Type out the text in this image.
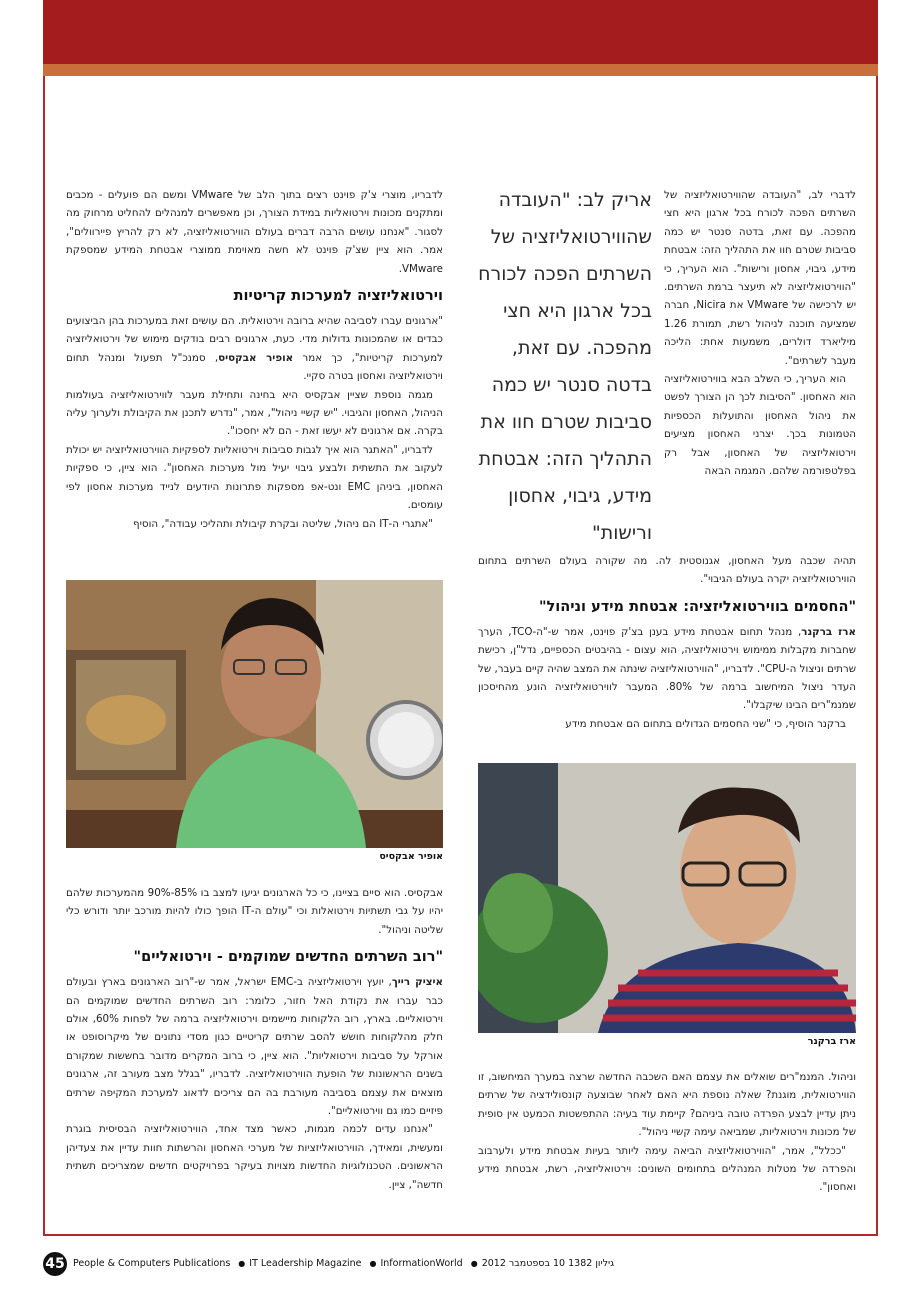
לדברי לב, "העובדה שהווירטואליזציה של השרתים הפכה לכורח בכל ארגון היא חצי מהפכה. עם זאת, בדטה סנטר יש כמה סביבות שטרם חוו את התהליך הזה: אבטחת מידע, גיבוי, אחסון ורישות". הוא העריך, כי "הווירטואליזציה לא תיעצר ברמת השרתים. יש לרכישה של VMware את Nicira, חברה שמציעה תוכנה לניהול רשת, תמורת 1.26 מיליארד דולרים, משמעות אחת: הליכה מעבר לשרתים".

הוא העריך, כי השלב הבא בווירטואליזציה הוא האחסון. "הסיבות לכך הן הצורך לפשט את ניהול האחסון והתועלות הכספיות הטמונות בכך. יצרני האחסון מציעים וירטואליזציה של האחסון, אבל רק בפלטפורמה שלהם. המגמה הבאה

אריק לב: "העובדה שהווירטואליזציה של השרתים הפכה לכורח בכל ארגון היא חצי מהפכה. עם זאת, בדטה סנטר יש כמה סביבות שטרם חוו את התהליך הזה: אבטחת מידע, גיבוי, אחסון ורישות"

תהיה שכבה מעל האחסון, אגנוסטית לה. מה שקורה בעולם השרתים בתחום הווירטואליזציה יקרה בעולם הגיבוי".

"החסמים בווירטואליזציה: אבטחת מידע וניהול"

ארז ברקנר, מנהל תחום אבטחת מידע בענן בצ'ק פוינט, אמר ש-"ה-TCO, הערך שחברות מקבלות ממימוש וירטואליזציה, הוא עצום - בהיבטים הכספיים, נדל"ן, רכישת שרתים וניצול ה-CPU". לדבריו, "הווירטואליזציה שינתה את המצב שהיה קיים בעבר, של העדר ניצול המיחשוב ברמה של 80%. המעבר לווירטואליזציה הונע מהחיסכון שמנמ"רים הבינו שיקבלו".

ברקנר הוסיף, כי "שני החסמים הגדולים בתחום הם אבטחת מידע

ארז ברקנר

וניהול. המנמ"רים שואלים את עצמם האם השכבה החדשה שרצה במערך המיחשוב, זו הווירטואלית, מוגנת? שאלה נוספת היא האם לאחר שבוצעה קונסולידציה של שרתים ניתן עדיין לבצע הפרדה טובה ביניהם? קיימת עוד בעיה: ההתפשטות הכמעט אין סופית של מכונות וירטואליות, שמביאה עימה קשיי ניהול".

"ככלל", אמר, "הווירטואליזציה הביאה עימה ליותר בעיות אבטחת מידע ולערבוב והפרדה של מטלות המנהלים בתחומים השונים: וירטואליזציה, רשת, אבטחת מידע ואחסון".

לדבריו, מוצרי צ'ק פוינט רצים בתוך הלב של VMware ומשם הם פועלים - מכבים ומתקנים מכונות וירטואליות במידת הצורך, וכן מאפשרים למנהלים להחליט מרחוק מה לסגור. "אנחנו עושים הרבה דברים בעולם הווירטואליזציה, לא רק להריץ פיירוולים", אמר. הוא ציין שצ'ק פוינט לא חשה מאוימת ממוצרי אבטחת המידע שמספקת VMware.

וירטואליזציה למערכות קריטיות

"ארגונים עברו לסביבה שהיא ברובה וירטואלית. הם עושים זאת במערכות בהן הביצועים כבדים או שהמכונות גדולות מדי. כעת, ארגונים רבים בודקים מימוש של וירטואליזציה למערכות קריטיות", כך אמר אופיר אבקסיס, סמנכ"ל תפעול ומנהל תחום וירטואליזציה ואחסון בטרה סקיי.

מגמה נוספת שציין אבקסיס היא בחינה ותחילת מעבר לווירטואליזציה בעולמות הניהול, האחסון והגיבוי. "יש קשיי ניהול", אמר, "נדרש לתכנן את הקיבולת ולערוך עליה בקרה. אם ארגונים לא יעשו זאת - הם לא יחסכו".

לדבריו, "האתגר הוא איך לגבות סביבות וירטואליות לספקיות הווירטואליזציה יש יכולת לעקוב את התשתית ולבצע גיבוי יעיל מול מערכות האחסון". הוא ציין, כי ספקיות האחסון, ביניהן EMC ונט-אפ מספקות פתרונות היודעים לנייד מערכות אחסון לפי עומסים.

"אתגרי ה-IT הם ניהול, שליטה ובקרת קיבולת ותהליכי עבודה", הוסיף

אופיר אבקסיס

אבקסיס. הוא סיים בציינו, כי כל הארגונים יגיעו למצב בו 85%-90% מהמערכות שלהם יהיו על גבי תשתיות וירטואלות וכי "עולם ה-IT הופך כולו להיות מורכב יותר ודורש כלי שליטה וניהול".

"רוב השרתים החדשים שמוקמים - וירטואליים"

איציק רייך, יועץ וירטואליזציה ב-EMC ישראל, אמר ש-"רוב הארגונים בארץ ובעולם כבר עברו את נקודת האל חזור, כלומר: רוב השרתים החדשים שמוקמים הם וירטואליים. בארץ, רוב הלקוחות מיישמים וירטואליזציה ברמה של לפחות 60%, אולם חלק מהלקוחות חוששׁ להסב שרתים קריטיים כגון מסדי נתונים של מיקרוסופט או אורקל על סביבות וירטואליות". הוא ציין, כי ברוב המקרים מדובר בחששות שמקורם בשנים הראשונות של הופעת הווירטואליזציה. לדבריו, "בגלל מצב מעורב זה, ארגונים מוצאים את עצמם בסביבה מעורבת בה הם צריכים לדאוג למערכת המקיפה שרתים פיזיים כמו גם ווירטואליים".

"אנחנו עדים לכמה מגמות, כאשר מצד אחד, הווירטואליזציה הבסיסית בוגרת ומעשית, ומאידך, הווירטואליזציות של מערכי האחסון והרשתות חוות עדיין את צעדיהן הראשונים. הטכנולוגיות החדשות מצויות בעיקר בפרויקטים חדשים שמצריכים תשתית חדשה", ציין.

45 People & Computers Publications ● IT Leadership Magazine ● InformationWorld ● גיליון 1382 10 בספטמבר 2012
